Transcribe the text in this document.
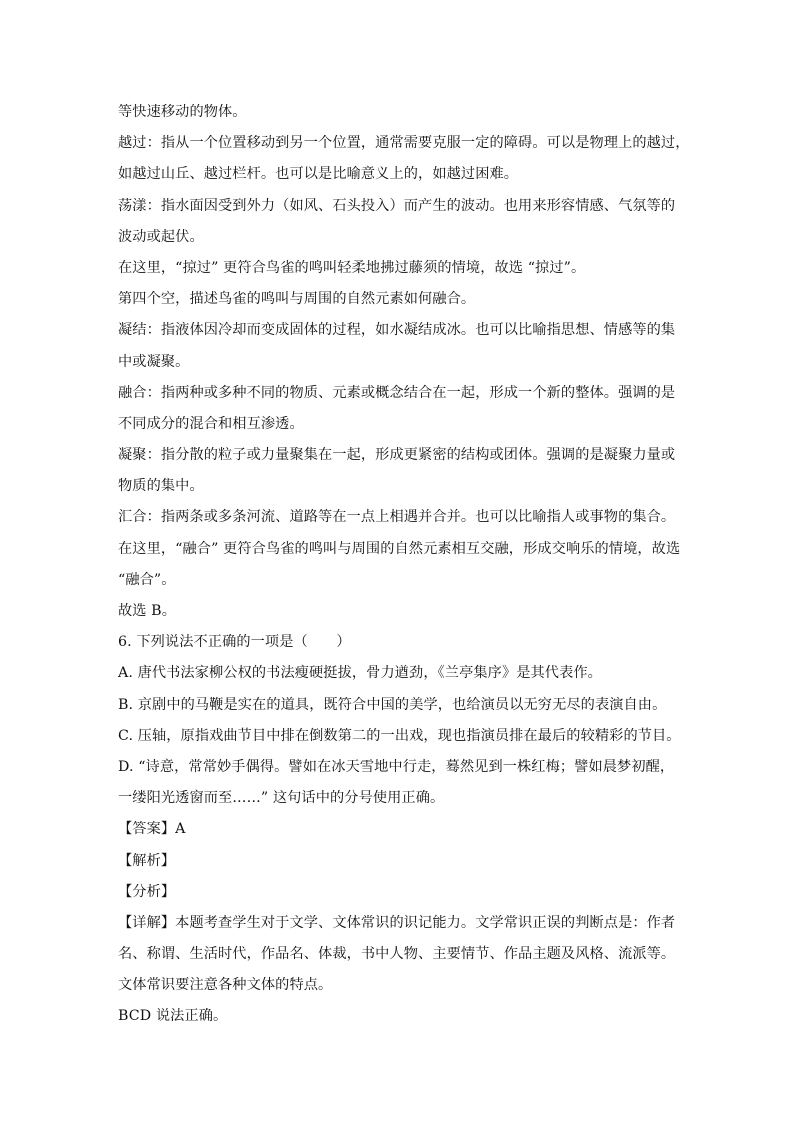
等快速移动的物体。
越过：指从一个位置移动到另一个位置，通常需要克服一定的障碍。可以是物理上的越过，
如越过山丘、越过栏杆。也可以是比喻意义上的，如越过困难。
荡漾：指水面因受到外力（如风、石头投入）而产生的波动。也用来形容情感、气氛等的
波动或起伏。
在这里，“掠过” 更符合鸟雀的鸣叫轻柔地拂过藤须的情境，故选 “掠过”。
第四个空，描述鸟雀的鸣叫与周围的自然元素如何融合。
凝结：指液体因冷却而变成固体的过程，如水凝结成冰。也可以比喻指思想、情感等的集
中或凝聚。
融合：指两种或多种不同的物质、元素或概念结合在一起，形成一个新的整体。强调的是
不同成分的混合和相互渗透。
凝聚：指分散的粒子或力量聚集在一起，形成更紧密的结构或团体。强调的是凝聚力量或
物质的集中。
汇合：指两条或多条河流、道路等在一点上相遇并合并。也可以比喻指人或事物的集合。
在这里，“融合” 更符合鸟雀的鸣叫与周围的自然元素相互交融，形成交响乐的情境，故选
“融合”。
故选 B。
6. 下列说法不正确的一项是（　　）
A. 唐代书法家柳公权的书法瘦硬挺拔，骨力遒劲，《兰亭集序》是其代表作。
B. 京剧中的马鞭是实在的道具，既符合中国的美学，也给演员以无穷无尽的表演自由。
C. 压轴，原指戏曲节目中排在倒数第二的一出戏，现也指演员排在最后的较精彩的节目。
D. “诗意，常常妙手偶得。譬如在冰天雪地中行走，蓦然见到一株红梅；譬如晨梦初醒，
一缕阳光透窗而至……” 这句话中的分号使用正确。
【答案】A
【解析】
【分析】
【详解】本题考查学生对于文学、文体常识的识记能力。文学常识正误的判断点是：作者
名、称谓、生活时代，作品名、体裁，书中人物、主要情节、作品主题及风格、流派等。
文体常识要注意各种文体的特点。
BCD 说法正确。
